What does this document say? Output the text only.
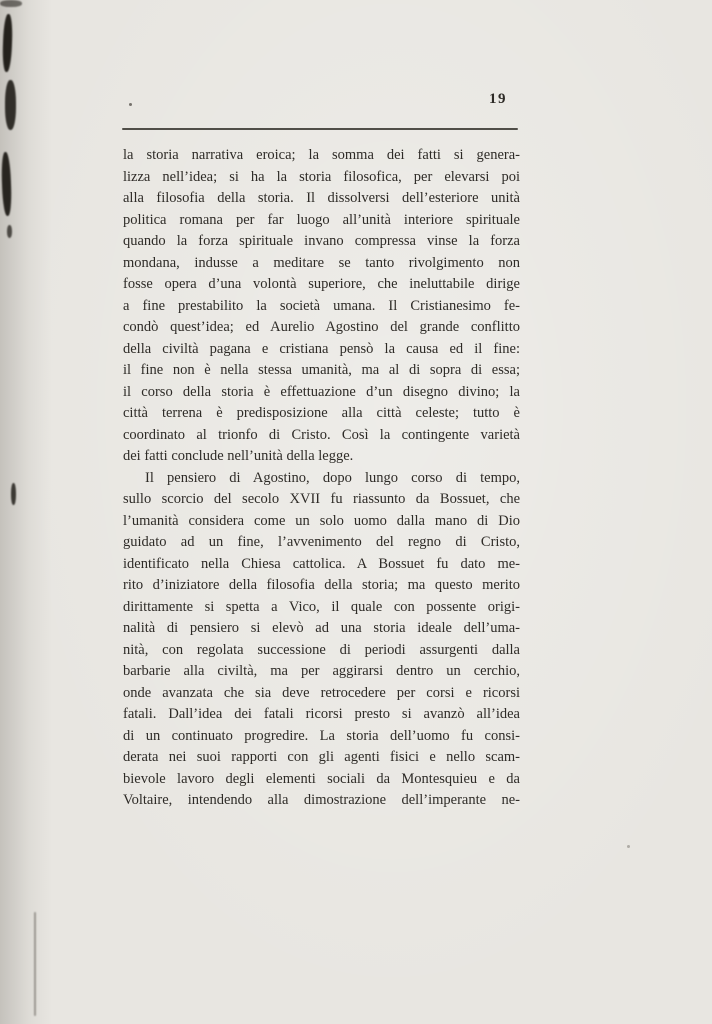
19
la storia narrativa eroica; la somma dei fatti si genera-
lizza nell’idea; si ha la storia filosofica, per elevarsi poi
alla filosofia della storia. Il dissolversi dell’esteriore unità
politica romana per far luogo all’unità interiore spirituale
quando la forza spirituale invano compressa vinse la forza
mondana, indusse a meditare se tanto rivolgimento non
fosse opera d’una volontà superiore, che ineluttabile dirige
a fine prestabilito la società umana. Il Cristianesimo fe-
condò quest’idea; ed Aurelio Agostino del grande conflitto
della civiltà pagana e cristiana pensò la causa ed il fine:
il fine non è nella stessa umanità, ma al di sopra di essa;
il corso della storia è effettuazione d’un disegno divino; la
città terrena è predisposizione alla città celeste; tutto è
coordinato al trionfo di Cristo. Così la contingente varietà
dei fatti conclude nell’unità della legge.
Il pensiero di Agostino, dopo lungo corso di tempo,
sullo scorcio del secolo XVII fu riassunto da Bossuet, che
l’umanità considera come un solo uomo dalla mano di Dio
guidato ad un fine, l’avvenimento del regno di Cristo,
identificato nella Chiesa cattolica. A Bossuet fu dato me-
rito d’iniziatore della filosofia della storia; ma questo merito
dirittamente si spetta a Vico, il quale con possente origi-
nalità di pensiero si elevò ad una storia ideale dell’uma-
nità, con regolata successione di periodi assurgenti dalla
barbarie alla civiltà, ma per aggirarsi dentro un cerchio,
onde avanzata che sia deve retrocedere per corsi e ricorsi
fatali. Dall’idea dei fatali ricorsi presto si avanzò all’idea
di un continuato progredire. La storia dell’uomo fu consi-
derata nei suoi rapporti con gli agenti fisici e nello scam-
bievole lavoro degli elementi sociali da Montesquieu e da
Voltaire, intendendo alla dimostrazione dell’imperante ne-
